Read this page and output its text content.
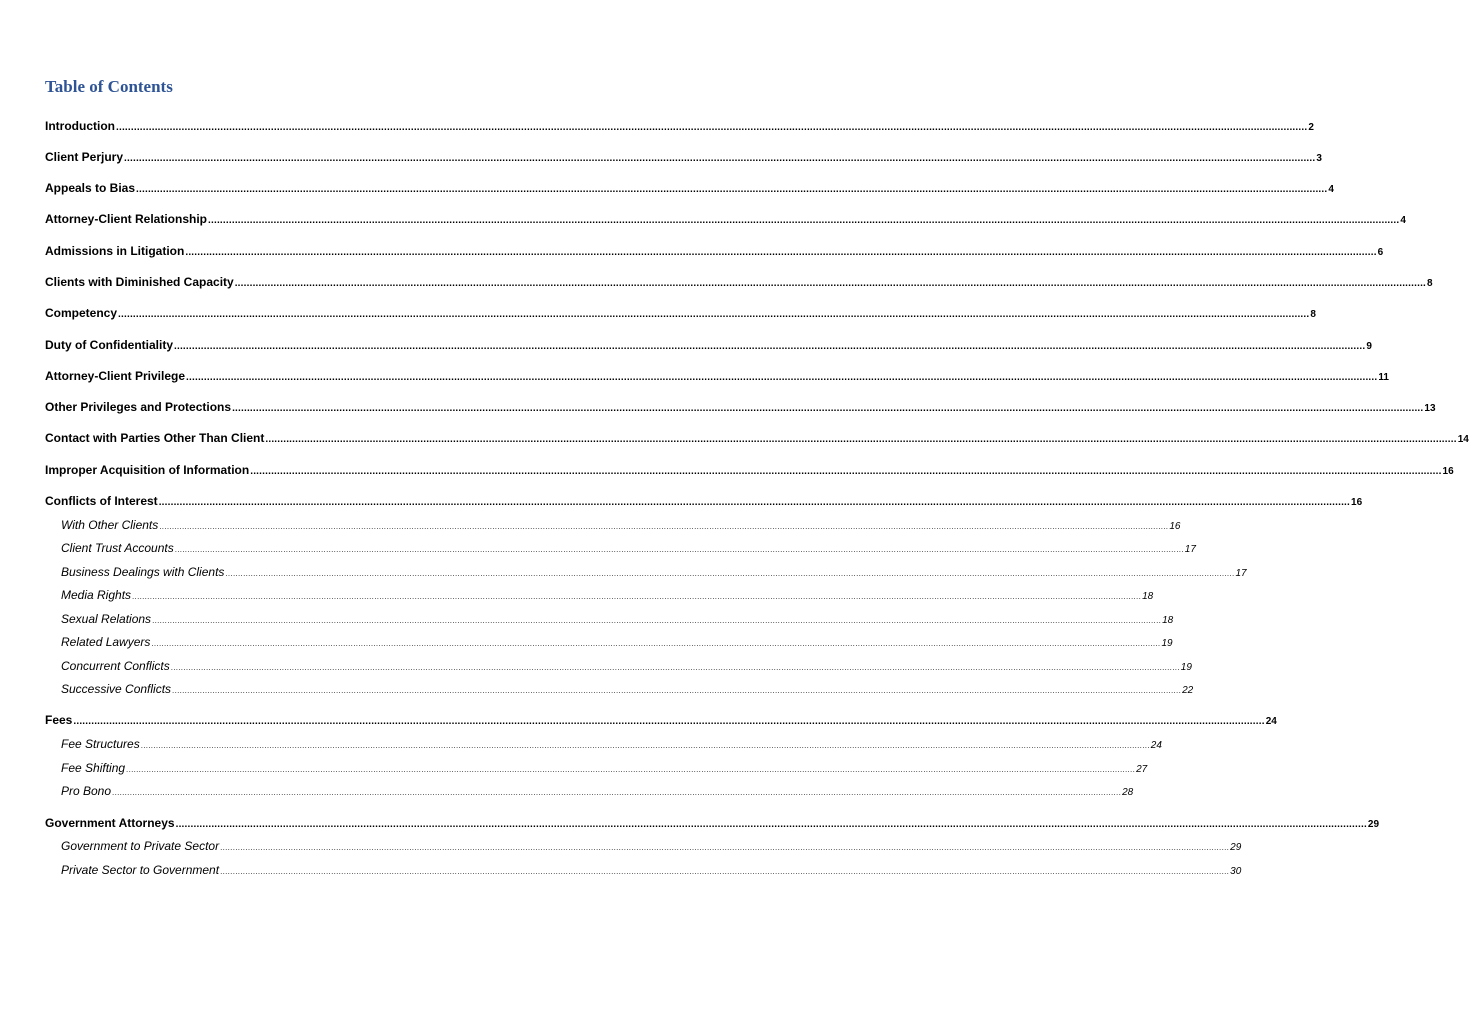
Table of Contents
Introduction ................................................................................................................................................................................................................................................................................................................................................................................................................ 2
Client Perjury ................................................................................................................................................................................................................................................................................................................................................................................................................ 3
Appeals to Bias ................................................................................................................................................................................................................................................................................................................................................................................................................ 4
Attorney-Client Relationship ................................................................................................................................................................................................................................................................................................................................................................................................................ 4
Admissions in Litigation ................................................................................................................................................................................................................................................................................................................................................................................................................ 6
Clients with Diminished Capacity ................................................................................................................................................................................................................................................................................................................................................................................................................ 8
Competency ................................................................................................................................................................................................................................................................................................................................................................................................................ 8
Duty of Confidentiality ................................................................................................................................................................................................................................................................................................................................................................................................................ 9
Attorney-Client Privilege ................................................................................................................................................................................................................................................................................................................................................................................................................ 11
Other Privileges and Protections ................................................................................................................................................................................................................................................................................................................................................................................................................ 13
Contact with Parties Other Than Client ................................................................................................................................................................................................................................................................................................................................................................................................................ 14
Improper Acquisition of Information ................................................................................................................................................................................................................................................................................................................................................................................................................ 16
Conflicts of Interest ................................................................................................................................................................................................................................................................................................................................................................................................................ 16
With Other Clients ................................................................................................................................................................................................................................................................................................................................................................................................................ 16
Client Trust Accounts ................................................................................................................................................................................................................................................................................................................................................................................................................ 17
Business Dealings with Clients ................................................................................................................................................................................................................................................................................................................................................................................................................ 17
Media Rights ................................................................................................................................................................................................................................................................................................................................................................................................................ 18
Sexual Relations ................................................................................................................................................................................................................................................................................................................................................................................................................ 18
Related Lawyers ................................................................................................................................................................................................................................................................................................................................................................................................................ 19
Concurrent Conflicts ................................................................................................................................................................................................................................................................................................................................................................................................................ 19
Successive Conflicts ................................................................................................................................................................................................................................................................................................................................................................................................................ 22
Fees ................................................................................................................................................................................................................................................................................................................................................................................................................ 24
Fee Structures ................................................................................................................................................................................................................................................................................................................................................................................................................ 24
Fee Shifting ................................................................................................................................................................................................................................................................................................................................................................................................................ 27
Pro Bono ................................................................................................................................................................................................................................................................................................................................................................................................................ 28
Government Attorneys ................................................................................................................................................................................................................................................................................................................................................................................................................ 29
Government to Private Sector ................................................................................................................................................................................................................................................................................................................................................................................................................ 29
Private Sector to Government ................................................................................................................................................................................................................................................................................................................................................................................................................ 30
